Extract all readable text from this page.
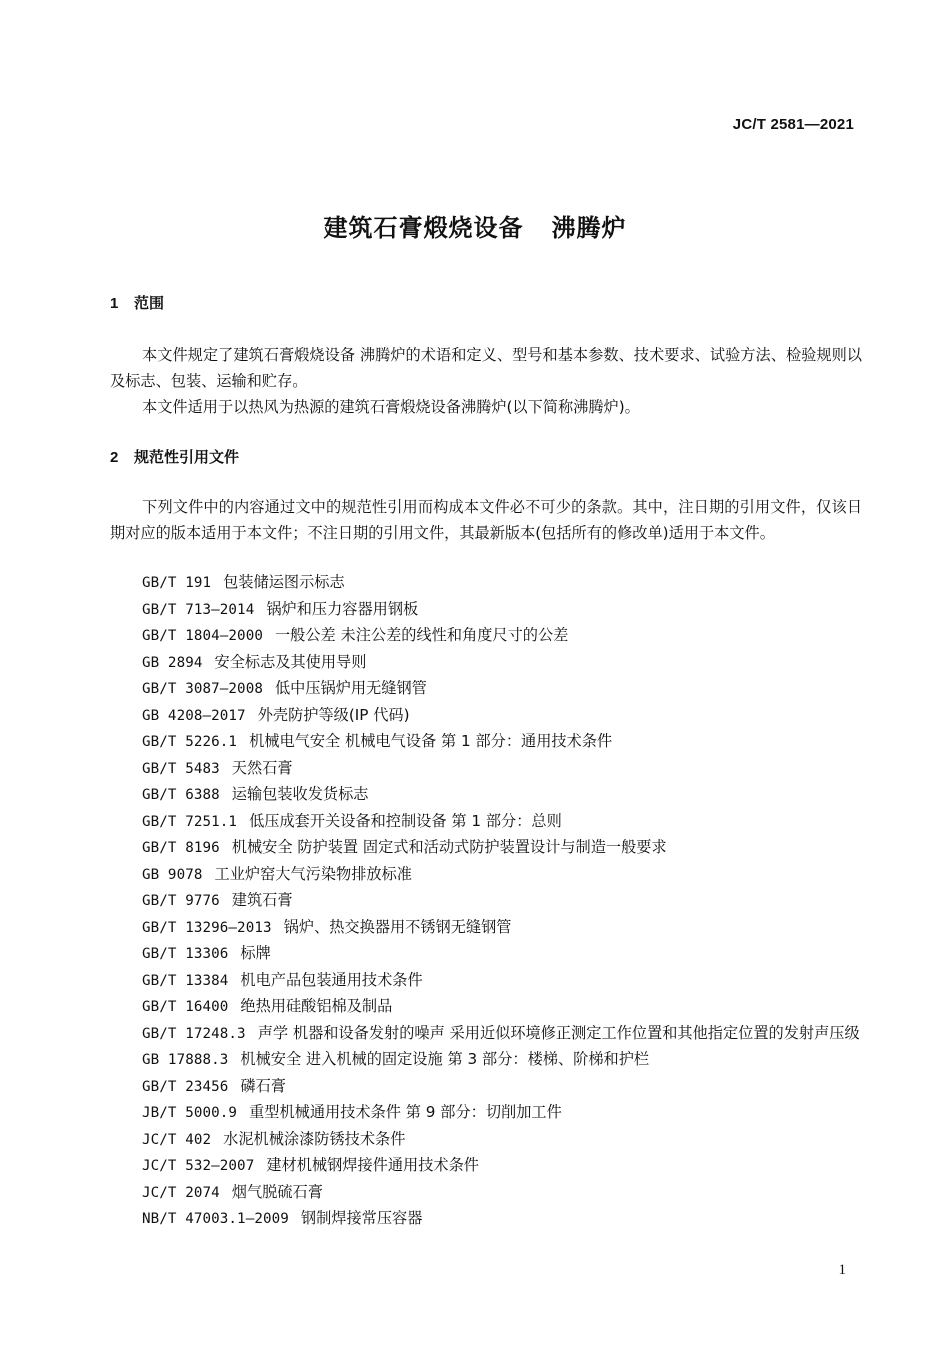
JC/T 2581—2021
建筑石膏煅烧设备 沸腾炉
1 范围
本文件规定了建筑石膏煅烧设备 沸腾炉的术语和定义、型号和基本参数、技术要求、试验方法、检验规则以及标志、包装、运输和贮存。
本文件适用于以热风为热源的建筑石膏煅烧设备沸腾炉(以下简称沸腾炉)。
2 规范性引用文件
下列文件中的内容通过文中的规范性引用而构成本文件必不可少的条款。其中，注日期的引用文件，仅该日期对应的版本适用于本文件；不注日期的引用文件，其最新版本(包括所有的修改单)适用于本文件。
GB/T 191 包装储运图示标志
GB/T 713—2014 锅炉和压力容器用钢板
GB/T 1804—2000 一般公差 未注公差的线性和角度尺寸的公差
GB 2894 安全标志及其使用导则
GB/T 3087—2008 低中压锅炉用无缝钢管
GB 4208—2017 外壳防护等级(IP 代码)
GB/T 5226.1 机械电气安全 机械电气设备 第 1 部分：通用技术条件
GB/T 5483 天然石膏
GB/T 6388 运输包装收发货标志
GB/T 7251.1 低压成套开关设备和控制设备 第 1 部分：总则
GB/T 8196 机械安全 防护装置 固定式和活动式防护装置设计与制造一般要求
GB 9078 工业炉窑大气污染物排放标准
GB/T 9776 建筑石膏
GB/T 13296—2013 锅炉、热交换器用不锈钢无缝钢管
GB/T 13306 标牌
GB/T 13384 机电产品包装通用技术条件
GB/T 16400 绝热用硅酸铝棉及制品
GB/T 17248.3 声学 机器和设备发射的噪声 采用近似环境修正测定工作位置和其他指定位置的发射声压级
GB 17888.3 机械安全 进入机械的固定设施 第 3 部分：楼梯、阶梯和护栏
GB/T 23456 磷石膏
JB/T 5000.9 重型机械通用技术条件 第 9 部分：切削加工件
JC/T 402 水泥机械涂漆防锈技术条件
JC/T 532—2007 建材机械钢焊接件通用技术条件
JC/T 2074 烟气脱硫石膏
NB/T 47003.1—2009 钢制焊接常压容器
1
